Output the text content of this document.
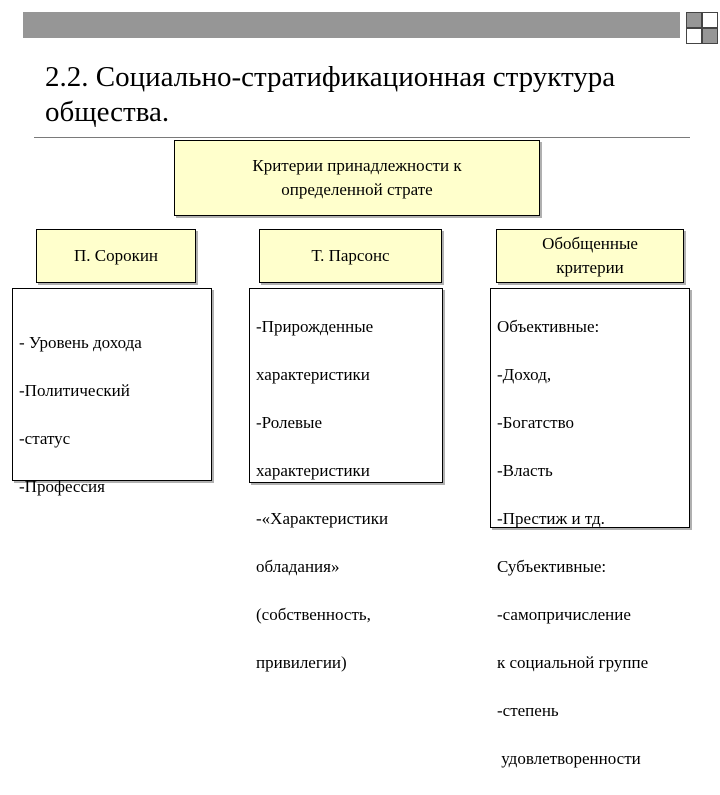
2.2. Социально-стратификационная структура
общества.
Критерии принадлежности к
определенной страте
П. Сорокин	Т. Парсонс
Обобщенные
критерии

- Уровень дохода

-Политический

-статус

-Профессия

-Прирожденные

характеристики

-Ролевые

характеристики

-«Характеристики

обладания»

(собственность,

привилегии)

Объективные:

-Доход,

-Богатство

-Власть

-Престиж и тд.

Субъективные:

-самопричисление

к социальной группе

-степень

удовлетворенности
